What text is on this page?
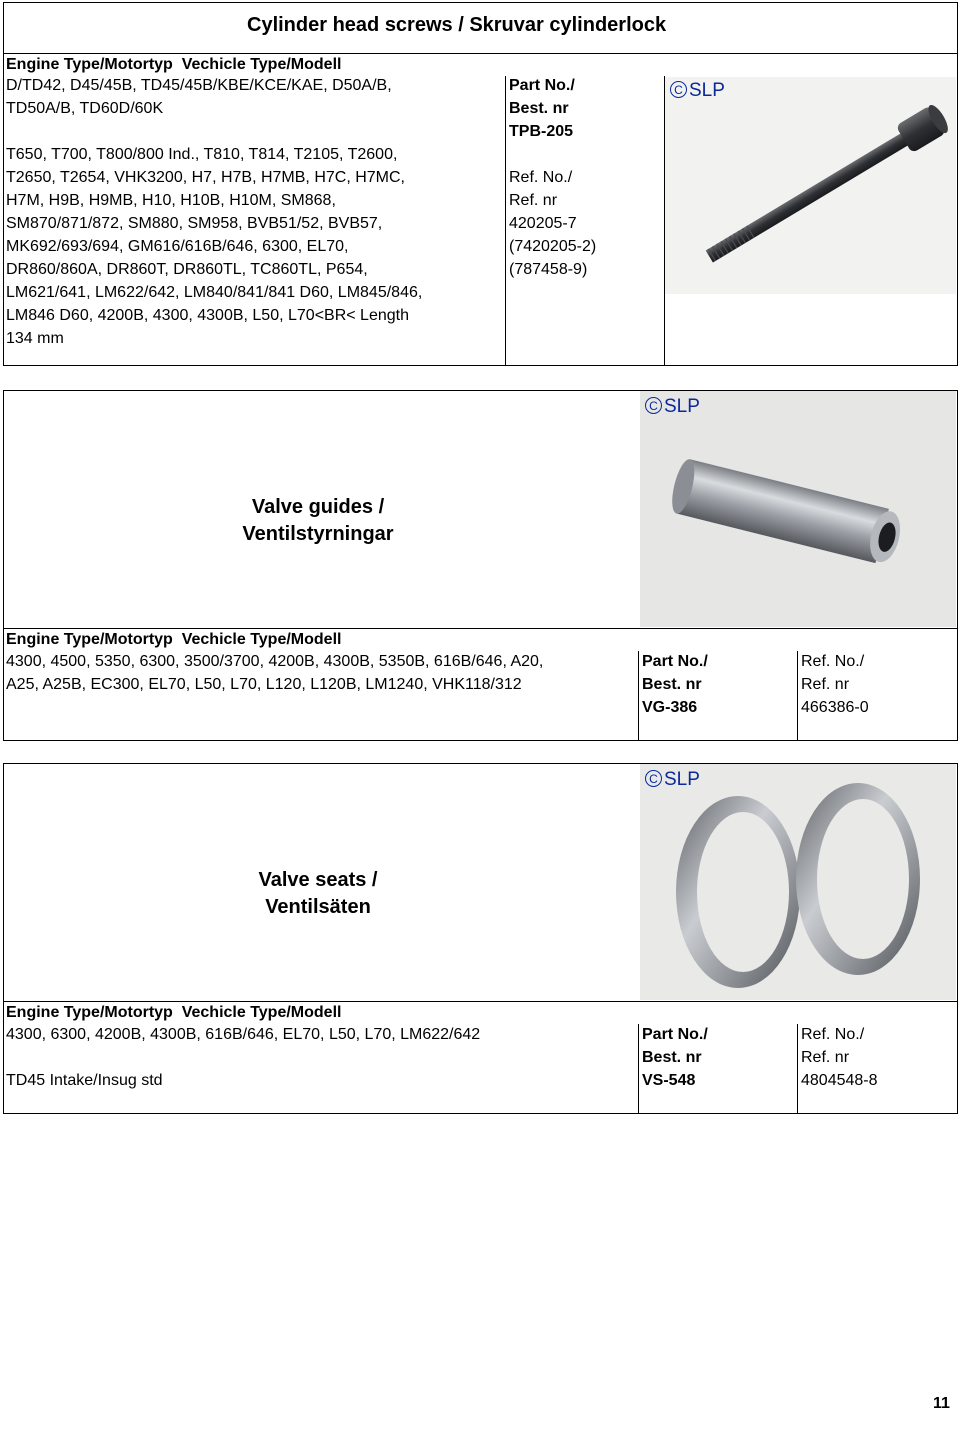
Cylinder head screws / Skruvar cylinderlock
Engine Type/Motortyp  Vechicle Type/Modell
D/TD42, D45/45B, TD45/45B/KBE/KCE/KAE, D50A/B,
TD50A/B, TD60D/60K
T650, T700, T800/800 Ind., T810, T814, T2105, T2600,
T2650, T2654, VHK3200, H7, H7B, H7MB, H7C, H7MC,
H7M, H9B, H9MB, H10, H10B, H10M, SM868,
SM870/871/872, SM880, SM958, BVB51/52, BVB57,
MK692/693/694, GM616/616B/646, 6300, EL70,
DR860/860A, DR860T, DR860TL, TC860TL, P654,
LM621/641, LM622/642, LM840/841/841 D60, LM845/846,
LM846 D60, 4200B, 4300, 4300B, L50, L70<BR< Length
134 mm
Part No./
Best. nr
TPB-205
Ref. No./
Ref. nr
420205-7
(7420205-2)
(787458-9)
C SLP
C SLP
Valve guides /
Ventilstyrningar
Engine Type/Motortyp  Vechicle Type/Modell
4300, 4500, 5350, 6300, 3500/3700, 4200B, 4300B, 5350B, 616B/646, A20,
A25, A25B, EC300, EL70, L50, L70, L120, L120B, LM1240, VHK118/312
Part No./
Best. nr
VG-386
Ref. No./
Ref. nr
466386-0
C SLP
Valve seats /
Ventilsäten
Engine Type/Motortyp  Vechicle Type/Modell
4300, 6300, 4200B, 4300B, 616B/646, EL70, L50, L70, LM622/642
TD45 Intake/Insug std
Part No./
Best. nr
VS-548
Ref. No./
Ref. nr
4804548-8
11
